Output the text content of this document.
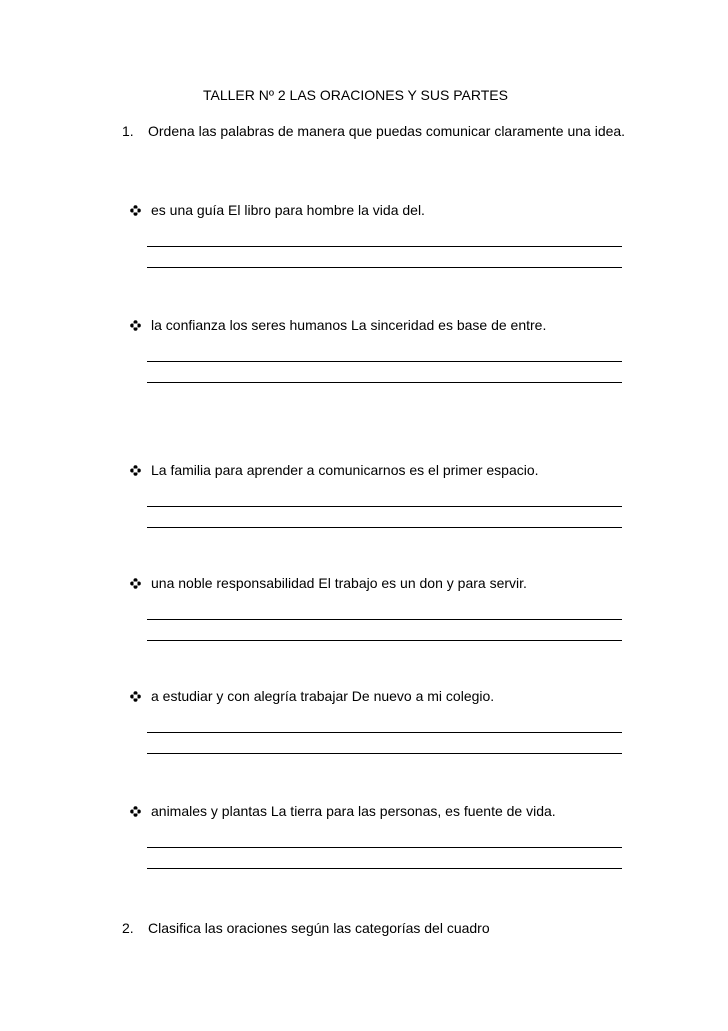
TALLER Nº 2 LAS ORACIONES Y SUS PARTES
1. Ordena las palabras de manera que puedas comunicar claramente una idea.
es una guía El libro para hombre la vida del.
la confianza los seres humanos La sinceridad es base de entre.
La familia para aprender a comunicarnos es el primer espacio.
una noble responsabilidad El trabajo es un don y para servir.
a estudiar y con alegría trabajar De nuevo a mi colegio.
animales y plantas La tierra para las personas, es fuente de vida.
2. Clasifica las oraciones según las categorías del cuadro
